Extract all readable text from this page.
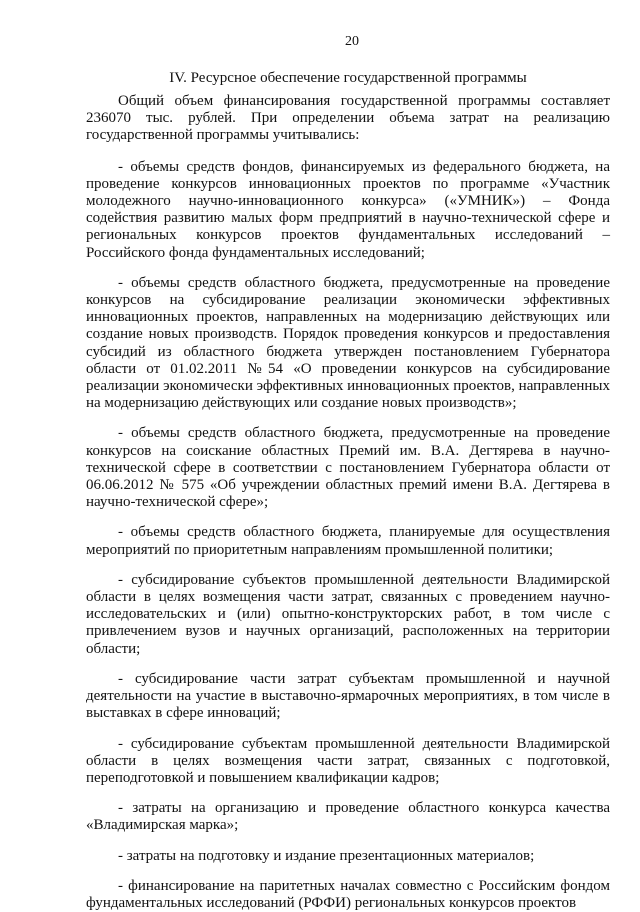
20
IV. Ресурсное обеспечение государственной программы

Общий объем финансирования государственной программы составляет 236070 тыс. рублей. При определении объема затрат на реализацию государственной программы учитывались:

- объемы средств фондов, финансируемых из федерального бюджета, на проведение конкурсов инновационных проектов по программе «Участник молодежного научно-инновационного конкурса» («УМНИК») – Фонда содействия развитию малых форм предприятий в научно-технической сфере и региональных конкурсов проектов фундаментальных исследований – Российского фонда фундаментальных исследований;

- объемы средств областного бюджета, предусмотренные на проведение конкурсов на субсидирование реализации экономически эффективных инновационных проектов, направленных на модернизацию действующих или создание новых производств. Порядок проведения конкурсов и предоставления субсидий из областного бюджета утвержден постановлением Губернатора области от 01.02.2011 №54 «О проведении конкурсов на субсидирование реализации экономически эффективных инновационных проектов, направленных на модернизацию действующих или создание новых производств»;

- объемы средств областного бюджета, предусмотренные на проведение конкурсов на соискание областных Премий им. В.А. Дегтярева в научно-технической сфере в соответствии с постановлением Губернатора области от 06.06.2012 № 575 «Об учреждении областных премий имени В.А. Дегтярева в научно-технической сфере»;

- объемы средств областного бюджета, планируемые для осуществления мероприятий по приоритетным направлениям промышленной политики;

- субсидирование субъектов промышленной деятельности Владимирской области в целях возмещения части затрат, связанных с проведением научно-исследовательских и (или) опытно-конструкторских работ, в том числе с привлечением вузов и научных организаций, расположенных на территории области;

- субсидирование части затрат субъектам промышленной и научной деятельности на участие в выставочно-ярмарочных мероприятиях, в том числе в выставках в сфере инноваций;

- субсидирование субъектам промышленной деятельности Владимирской области в целях возмещения части затрат, связанных с подготовкой, переподготовкой и повышением квалификации кадров;

- затраты на организацию и проведение областного конкурса качества «Владимирская марка»;

- затраты на подготовку и издание презентационных материалов;

- финансирование на паритетных началах совместно с Российским фондом фундаментальных исследований (РФФИ) региональных конкурсов проектов
